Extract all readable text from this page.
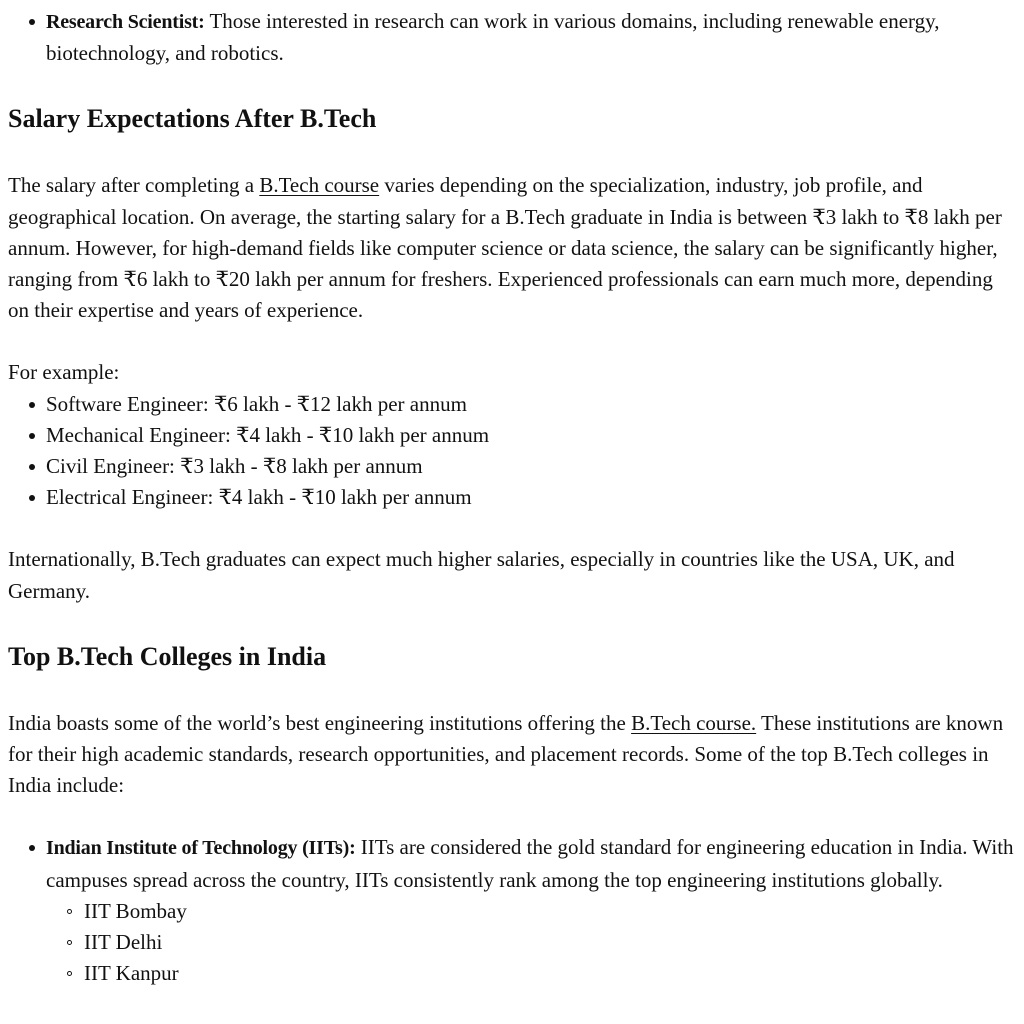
Research Scientist: Those interested in research can work in various domains, including renewable energy, biotechnology, and robotics.
Salary Expectations After B.Tech

The salary after completing a B.Tech course varies depending on the specialization, industry, job profile, and geographical location. On average, the starting salary for a B.Tech graduate in India is between ₹3 lakh to ₹8 lakh per annum. However, for high-demand fields like computer science or data science, the salary can be significantly higher, ranging from ₹6 lakh to ₹20 lakh per annum for freshers. Experienced professionals can earn much more, depending on their expertise and years of experience.

For example:

Software Engineer: ₹6 lakh - ₹12 lakh per annum
Mechanical Engineer: ₹4 lakh - ₹10 lakh per annum
Civil Engineer: ₹3 lakh - ₹8 lakh per annum
Electrical Engineer: ₹4 lakh - ₹10 lakh per annum

Internationally, B.Tech graduates can expect much higher salaries, especially in countries like the USA, UK, and Germany.

Top B.Tech Colleges in India

India boasts some of the world’s best engineering institutions offering the B.Tech course. These institutions are known for their high academic standards, research opportunities, and placement records. Some of the top B.Tech colleges in India include:

Indian Institute of Technology (IITs): IITs are considered the gold standard for engineering education in India. With campuses spread across the country, IITs consistently rank among the top engineering institutions globally.
IIT Bombay
IIT Delhi
IIT Kanpur
